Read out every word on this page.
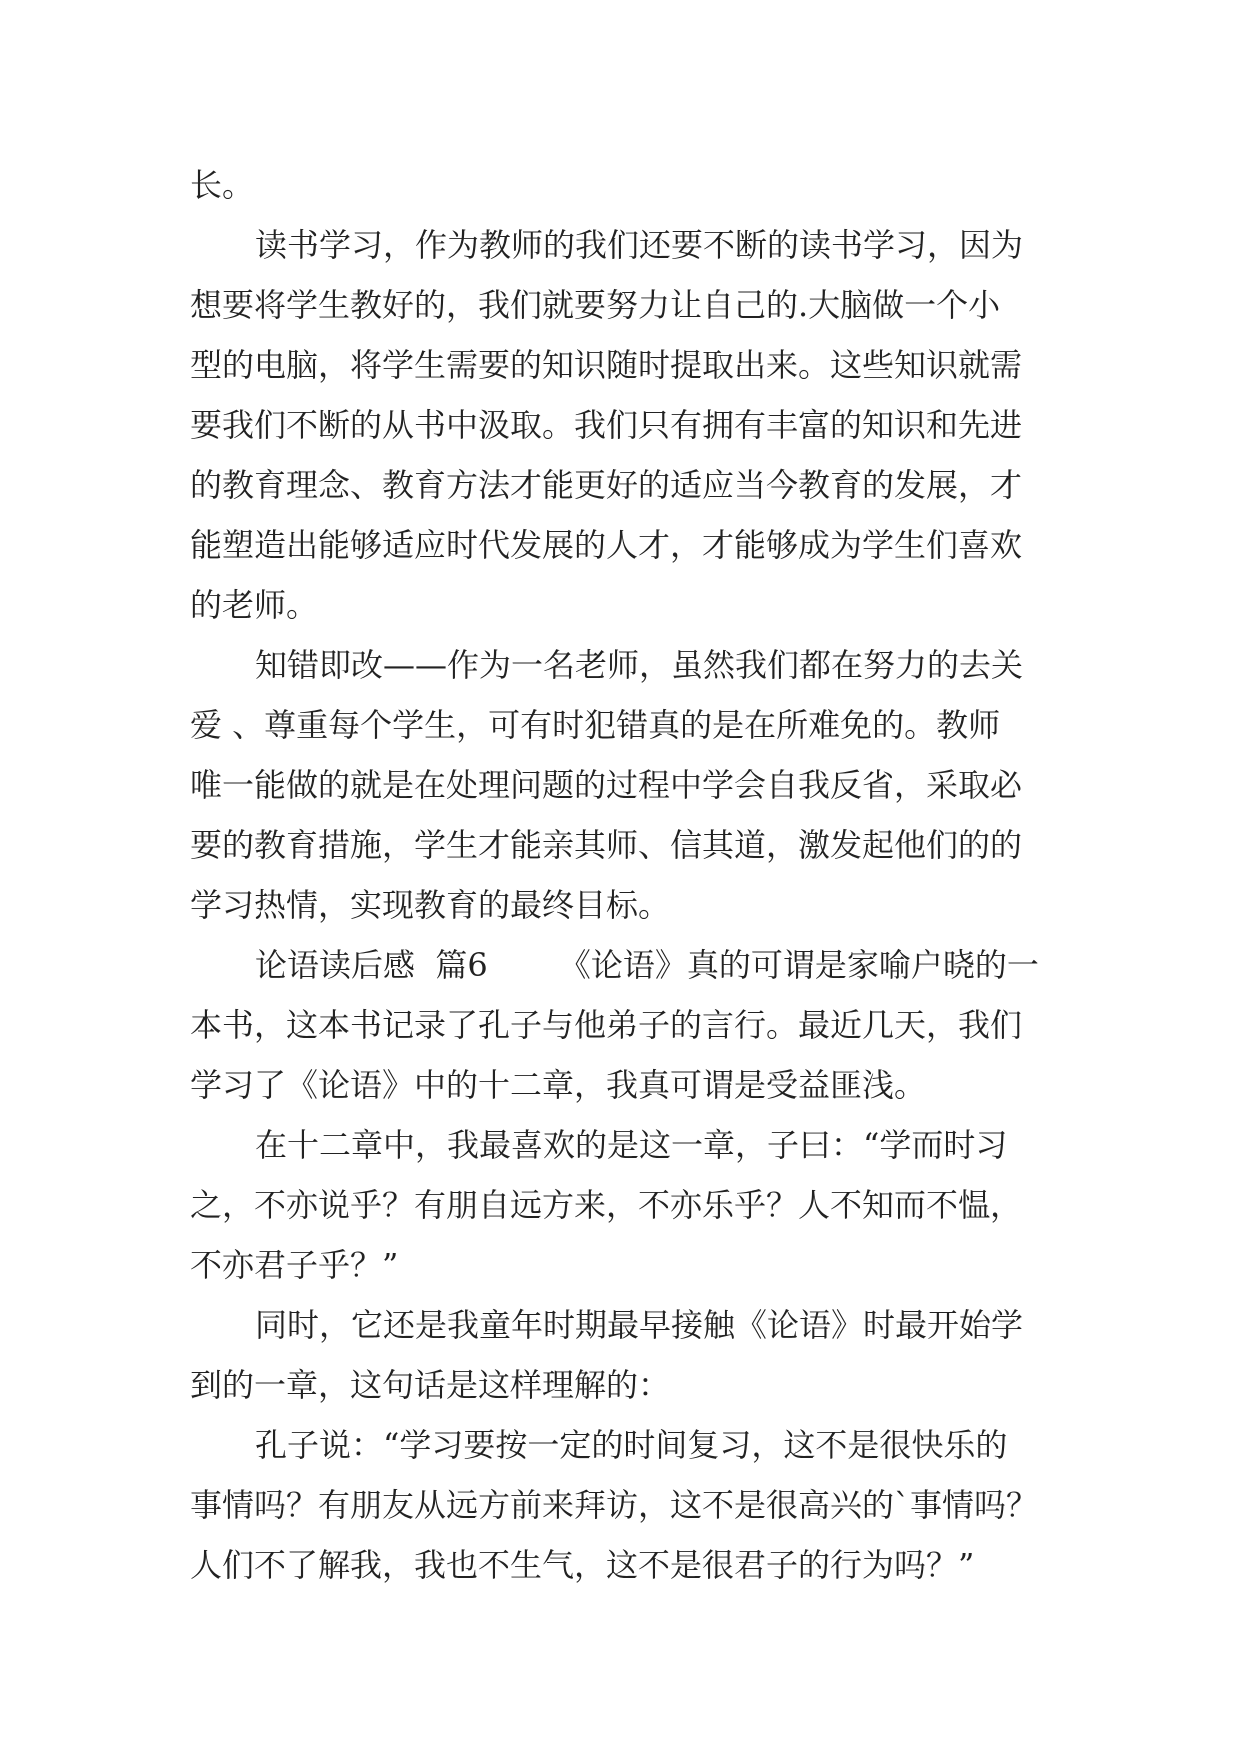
长。
读书学习，作为教师的我们还要不断的读书学习，因为
想要将学生教好的，我们就要努力让自己的.大脑做一个小
型的电脑，将学生需要的知识随时提取出来。这些知识就需
要我们不断的从书中汲取。我们只有拥有丰富的知识和先进
的教育理念、教育方法才能更好的适应当今教育的发展，才
能塑造出能够适应时代发展的人才，才能够成为学生们喜欢
的老师。
知错即改——作为一名老师，虽然我们都在努力的去关
爱 、尊重每个学生，可有时犯错真的是在所难免的。教师
唯一能做的就是在处理问题的过程中学会自我反省，采取必
要的教育措施，学生才能亲其师、信其道，激发起他们的的
学习热情，实现教育的最终目标。
论语读后感  篇6       《论语》真的可谓是家喻户晓的一
本书，这本书记录了孔子与他弟子的言行。最近几天，我们
学习了《论语》中的十二章，我真可谓是受益匪浅。
在十二章中，我最喜欢的是这一章，子曰：“学而时习
之，不亦说乎？有朋自远方来，不亦乐乎？人不知而不愠，
不亦君子乎？”
同时，它还是我童年时期最早接触《论语》时最开始学
到的一章，这句话是这样理解的：
孔子说：“学习要按一定的时间复习，这不是很快乐的
事情吗？有朋友从远方前来拜访，这不是很高兴的`事情吗？
人们不了解我，我也不生气，这不是很君子的行为吗？”
